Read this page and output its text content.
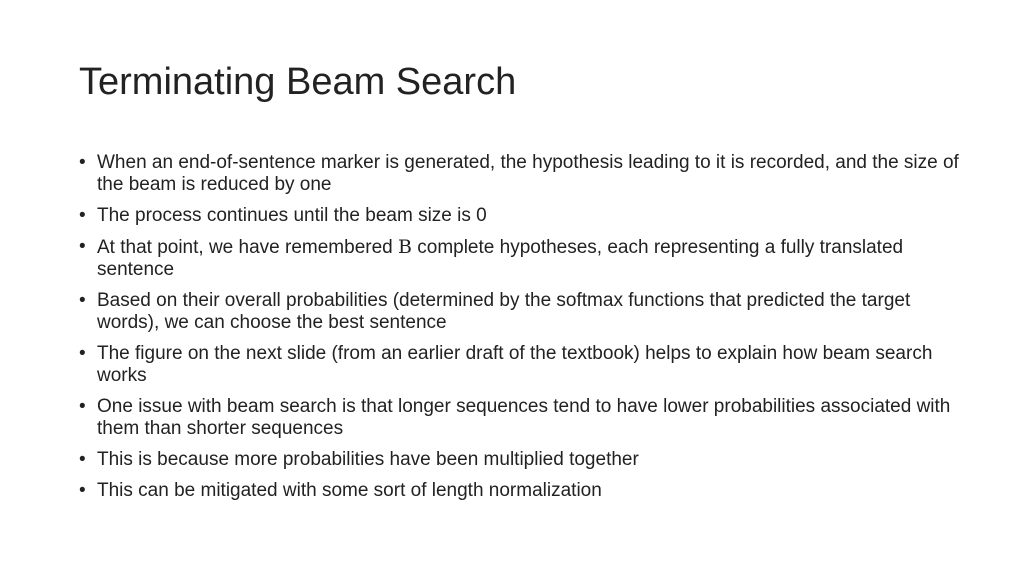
Terminating Beam Search
• When an end-of-sentence marker is generated, the hypothesis leading to it is recorded, and the size of the beam is reduced by one
• The process continues until the beam size is 0
• At that point, we have remembered B complete hypotheses, each representing a fully translated sentence
• Based on their overall probabilities (determined by the softmax functions that predicted the target words), we can choose the best sentence
• The figure on the next slide (from an earlier draft of the textbook) helps to explain how beam search works
• One issue with beam search is that longer sequences tend to have lower probabilities associated with them than shorter sequences
• This is because more probabilities have been multiplied together
• This can be mitigated with some sort of length normalization
